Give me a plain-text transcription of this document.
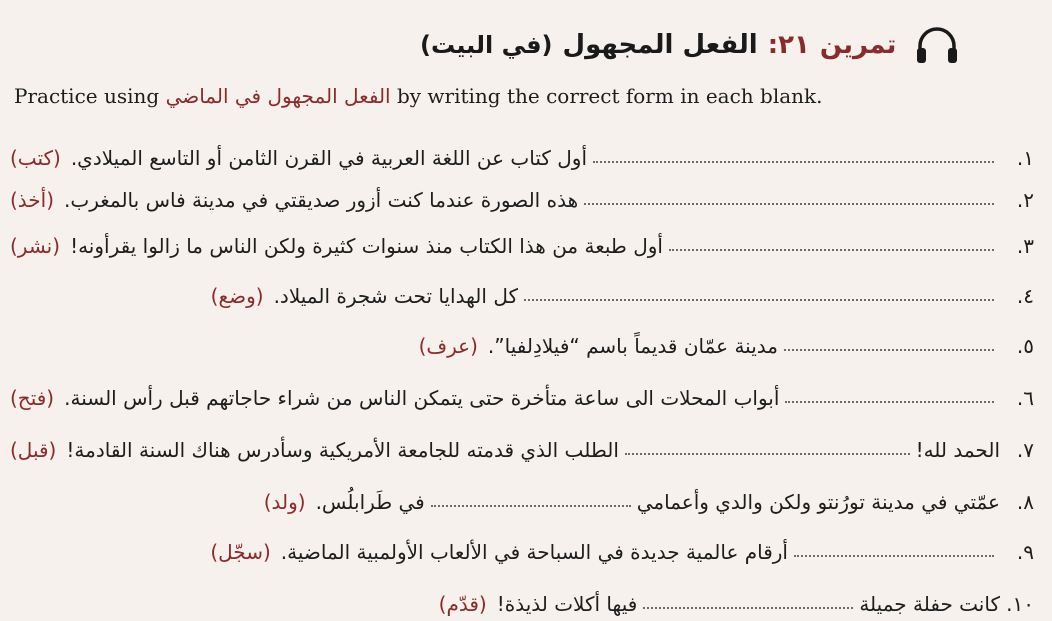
تمرين
٢١:
الفعل المجهول
(في البيت)
Practice using الفعل المجهول في الماضي by writing the correct form in each blank.
١.
أول كتاب عن اللغة العربية في القرن الثامن أو التاسع الميلادي.
(كتب)
٢.
هذه الصورة عندما كنت أزور صديقتي في مدينة فاس بالمغرب.
(أخذ)
٣.
أول طبعة من هذا الكتاب منذ سنوات كثيرة ولكن الناس ما زالوا يقرأونه!
(نشر)
٤.
كل الهدايا تحت شجرة الميلاد.
(وضع)
٥.
مدينة عمّان قديماً باسم “فيلادِلفيا”.
(عرف)
٦.
أبواب المحلات الى ساعة متأخرة حتى يتمكن الناس من شراء حاجاتهم قبل رأس السنة.
(فتح)
٧.
الحمد لله!
الطلب الذي قدمته للجامعة الأمريكية وسأدرس هناك السنة القادمة!
(قبل)
٨.
عمّتي في مدينة تورُنتو ولكن والدي وأعمامي
في طَرابلُس.
(ولد)
٩.
أرقام عالمية جديدة في السباحة في الألعاب الأولمبية الماضية.
(سجّل)
١٠.
كانت حفلة جميلة
فيها أكلات لذيذة!
(قدّم)
